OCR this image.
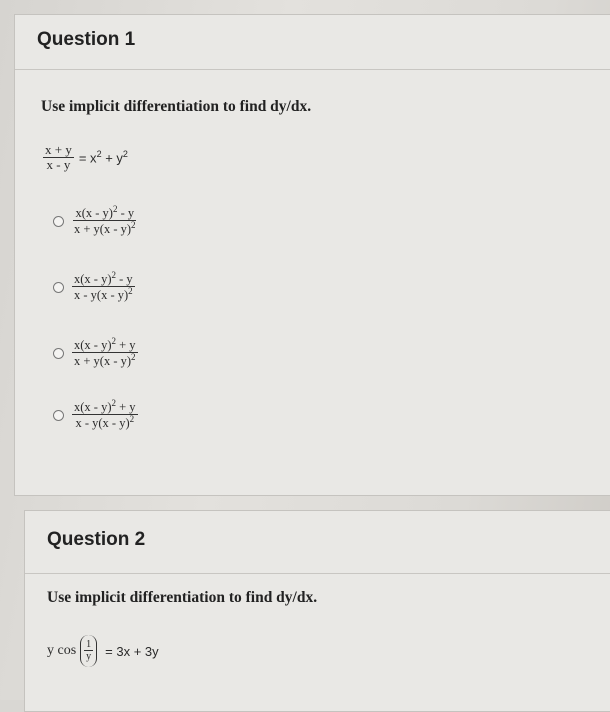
Question 1
Use implicit differentiation to find dy/dx.
$\frac{x + y}{x - y} = x^2 + y^2$
$\frac{x(x - y)^2 - y}{x + y(x - y)^2}$
$\frac{x(x - y)^2 - y}{x - y(x - y)^2}$
$\frac{x(x - y)^2 + y}{x + y(x - y)^2}$
$\frac{x(x - y)^2 + y}{x - y(x - y)^2}$
Question 2
Use implicit differentiation to find dy/dx.
y $\cos \frac{1}{y} = 3x + 3y$
